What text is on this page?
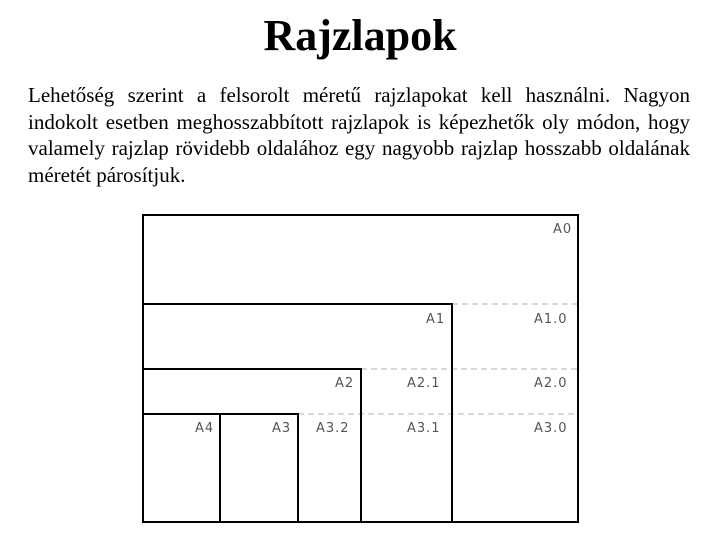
Rajzlapok
Lehetőség szerint a felsorolt méretű rajzlapokat kell használni. Nagyon indokolt esetben meghosszabbított rajzlapok is képezhetők oly módon, hogy valamely rajzlap rövidebb oldalához egy nagyobb rajzlap hosszabb oldalának méretét párosítjuk.
A0
A1	A1.0
A2	A2.1	A2.0
A4	A3 A3.2	A3.1	A3.0
